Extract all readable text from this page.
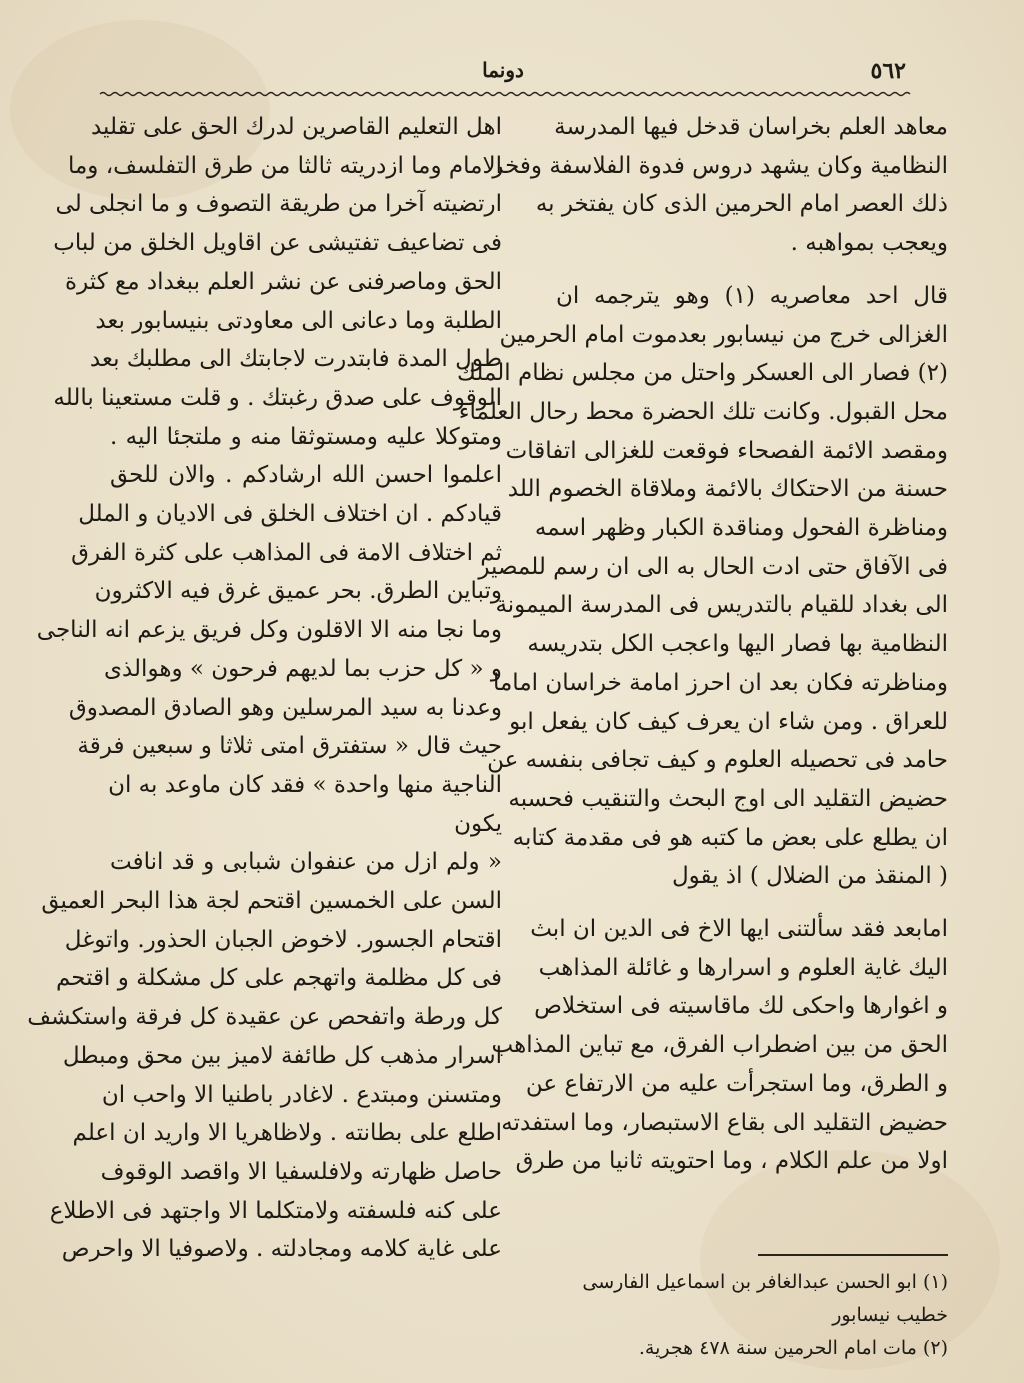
٥٦٢
دونما
معاهد العلم بخراسان قدخل فيها المدرسة
النظامية وكان يشهد دروس فدوة الفلاسفة وفخر
ذلك العصر امام الحرمين الذى كان يفتخر به
ويعجب بمواهبه .
قال احد معاصريه (١) وهو يترجمه ان
الغزالى خرج من نيسابور بعدموت امام الحرمين
(٢) فصار الى العسكر واحتل من مجلس نظام الملك
محل القبول. وكانت تلك الحضرة محط رحال العلماء
ومقصد الائمة الفصحاء فوقعت للغزالى اتفاقات
حسنة من الاحتكاك بالائمة وملاقاة الخصوم اللد
ومناظرة الفحول ومناقدة الكبار وظهر اسمه
فى الآفاق حتى ادت الحال به الى ان رسم للمصير
الى بغداد للقيام بالتدريس فى المدرسة الميمونة
النظامية بها فصار اليها واعجب الكل بتدريسه
ومناظرته فكان بعد ان احرز امامة خراسان اماما
للعراق . ومن شاء ان يعرف كيف كان يفعل ابو
حامد فى تحصيله العلوم و كيف تجافى بنفسه عن
حضيض التقليد الى اوج البحث والتنقيب فحسبه
ان يطلع على بعض ما كتبه هو فى مقدمة كتابه
( المنقذ من الضلال ) اذ يقول
امابعد فقد سألتنى ايها الاخ فى الدين ان ابث
اليك غاية العلوم و اسرارها و غائلة المذاهب
و اغوارها واحكى لك ماقاسيته فى استخلاص
الحق من بين اضطراب الفرق، مع تباين المذاهب
و الطرق، وما استجرأت عليه من الارتفاع عن
حضيض التقليد الى بقاع الاستبصار، وما استفدته
اولا من علم الكلام ، وما احتويته ثانيا من طرق
اهل التعليم القاصرين لدرك الحق على تقليد
الامام وما ازدريته ثالثا من طرق التفلسف، وما
ارتضيته آخرا من طريقة التصوف و ما انجلى لى
فى تضاعيف تفتيشى عن اقاويل الخلق من لباب
الحق وماصرفنى عن نشر العلم ببغداد مع كثرة
الطلبة وما دعانى الى معاودتى بنيسابور بعد
طول المدة فابتدرت لاجابتك الى مطلبك بعد
الوقوف على صدق رغبتك . و قلت مستعينا بالله
ومتوكلا عليه ومستوثقا منه و ملتجئا اليه .
اعلموا احسن الله ارشادكم . والان للحق
قيادكم . ان اختلاف الخلق فى الاديان و الملل
ثم اختلاف الامة فى المذاهب على كثرة الفرق
وتباين الطرق. بحر عميق غرق فيه الاكثرون
وما نجا منه الا الاقلون وكل فريق يزعم انه الناجى
و « كل حزب بما لديهم فرحون » وهوالذى
وعدنا به سيد المرسلين وهو الصادق المصدوق
حيث قال « ستفترق امتى ثلاثا و سبعين فرقة
الناجية منها واحدة » فقد كان ماوعد به ان
يكون
« ولم ازل من عنفوان شبابى و قد انافت
السن على الخمسين اقتحم لجة هذا البحر العميق
اقتحام الجسور. لاخوض الجبان الحذور. واتوغل
فى كل مظلمة واتهجم على كل مشكلة و اقتحم
كل ورطة واتفحص عن عقيدة كل فرقة واستكشف
اسرار مذهب كل طائفة لاميز بين محق ومبطل
ومتسنن ومبتدع . لاغادر باطنيا الا واحب ان
اطلع على بطانته . ولاظاهريا الا واريد ان اعلم
حاصل ظهارته ولافلسفيا الا واقصد الوقوف
على كنه فلسفته ولامتكلما الا واجتهد فى الاطلاع
على غاية كلامه ومجادلته . ولاصوفيا الا واحرص
(١) ابو الحسن عبدالغافر بن اسماعيل الفارسى
خطيب نيسابور
(٢) مات امام الحرمين سنة ٤٧٨ هجرية.
